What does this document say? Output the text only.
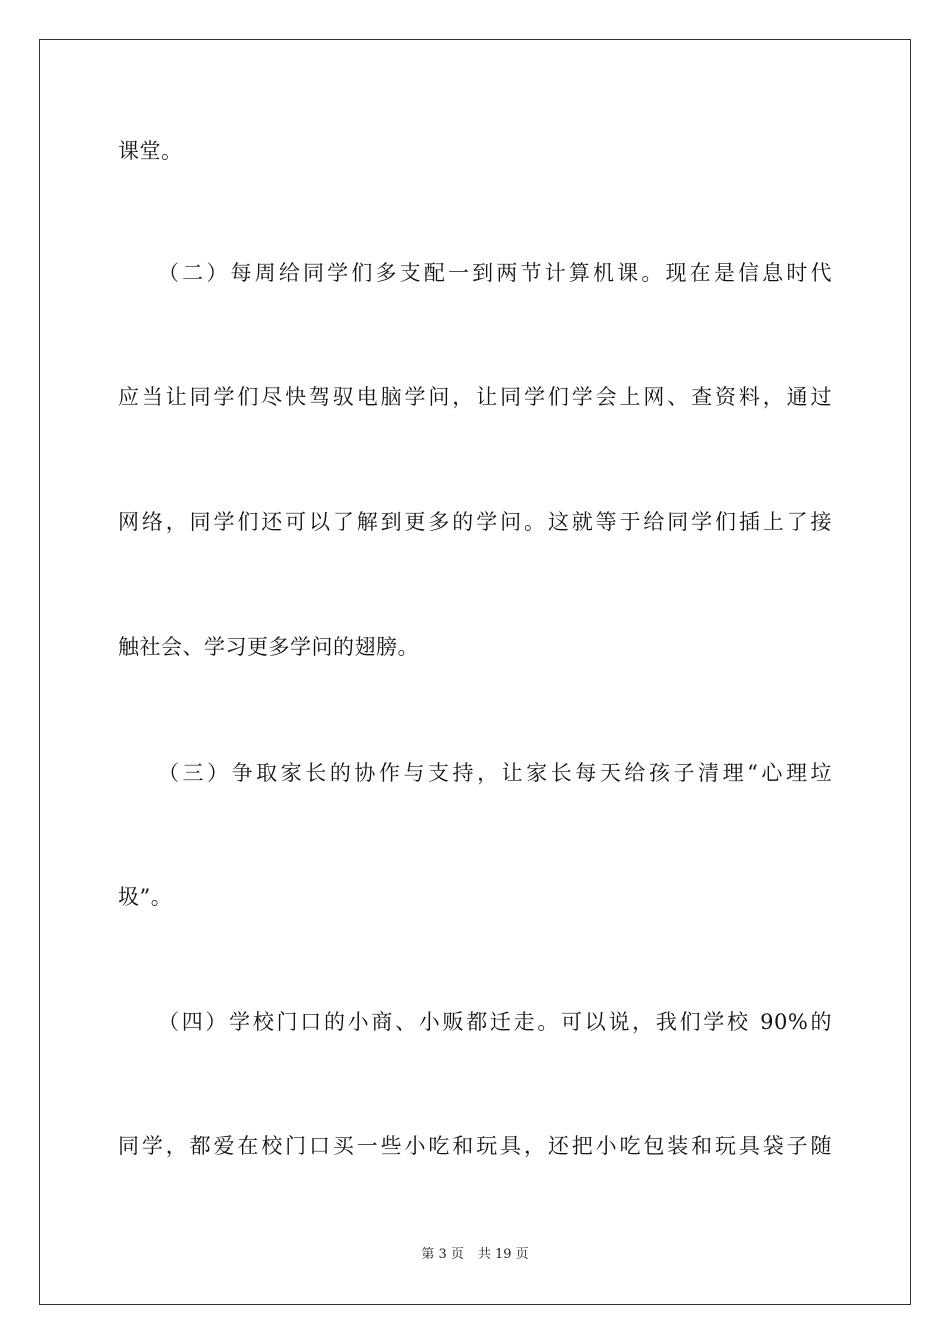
课堂。
（二）每周给同学们多支配一到两节计算机课。现在是信息时代
应当让同学们尽快驾驭电脑学问，让同学们学会上网、查资料，通过
网络，同学们还可以了解到更多的学问。这就等于给同学们插上了接
触社会、学习更多学问的翅膀。
（三）争取家长的协作与支持，让家长每天给孩子清理“心理垃
圾”。
（四）学校门口的小商、小贩都迁走。可以说，我们学校 90%的
同学，都爱在校门口买一些小吃和玩具，还把小吃包装和玩具袋子随
第 3 页 共 19 页
